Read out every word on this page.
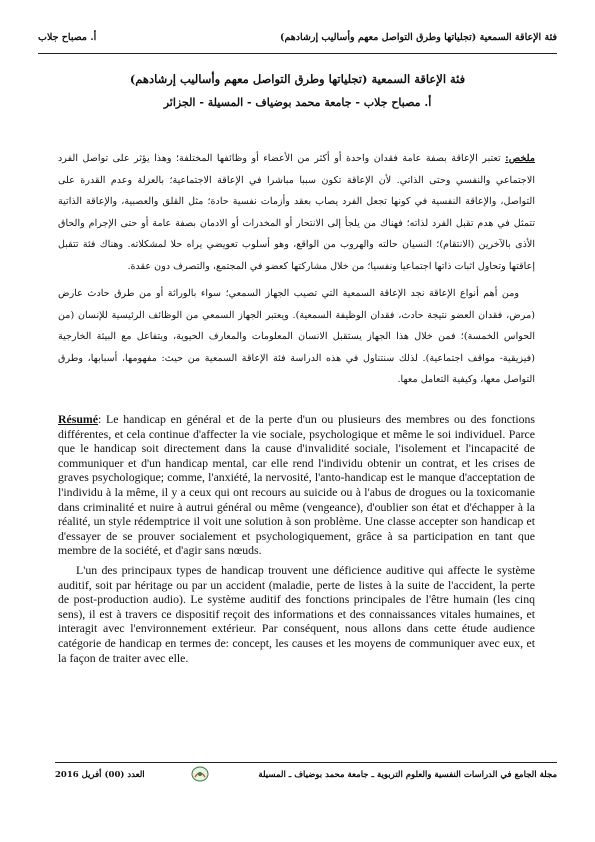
فئة الإعاقة السمعية (تجلياتها وطرق التواصل معهم وأساليب إرشادهم)
أ. مصباح جلاب
فئة الإعاقة السمعية (تجلياتها وطرق التواصل معهم وأساليب إرشادهم)
أ. مصباح جلاب - جامعة محمد بوضياف - المسيلة - الجزائر

ملخص: تعتبر الإعاقة بصفة عامة فقدان واحدة أو أكثر من الأعضاء أو وظائفها المختلفة؛ وهذا يؤثر على تواصل الفرد الاجتماعي والنفسي وحتى الذاتي. لأن الإعاقة تكون سببا مباشرا في الإعاقة الاجتماعية؛ بالعزلة وعدم القدرة على التواصل، والإعاقة النفسية في كونها تجعل الفرد يصاب بعقد وأزمات نفسية حادة؛ مثل القلق والعصبية، والإعاقة الذاتية تتمثل في هدم تقبل الفرد لذاته؛ فهناك من يلجأ إلى الانتحار أو المخدرات أو الادمان بصفة عامة أو حتى الإجرام والحاق الأذى بالآخرين (الانتقام)؛ النسيان حالته والهروب من الواقع، وهو أسلوب تعويضي يراه حلا لمشكلاته. وهناك فئة تتقبل إعاقتها وتحاول اثبات ذاتها اجتماعيا ونفسيا؛ من خلال مشاركتها كعضو في المجتمع، والتصرف دون عقدة.

ومن أهم أنواع الإعاقة نجد الإعاقة السمعية التي تصيب الجهاز السمعي؛ سواء بالوراثة أو من طرق حادث عارض (مرض، فقدان العضو نتيجة حادث، فقدان الوظيفة السمعية). ويعتبر الجهاز السمعي من الوظائف الرئيسية للإنسان (من الحواس الخمسة)؛ فمن خلال هذا الجهاز يستقبل الانسان المعلومات والمعارف الحيوية، ويتفاعل مع البيئة الخارجية (فيزيقية- مواقف اجتماعية). لذلك سنتناول في هذه الدراسة فئة الإعاقة السمعية من حيث: مفهومها، أسبابها، وطرق التواصل معها، وكيفية التعامل معها.

Résumé: Le handicap en général et de la perte d'un ou plusieurs des membres ou des fonctions différentes, et cela continue d'affecter la vie sociale, psychologique et même le soi individuel. Parce que le handicap soit directement dans la cause d'invalidité sociale, l'isolement et l'incapacité de communiquer et d'un handicap mental, car elle rend l'individu obtenir un contrat, et les crises de graves psychologique; comme, l'anxiété, la nervosité, l'anto-handicap est le manque d'acceptation de l'individu à la même, il y a ceux qui ont recours au suicide ou à l'abus de drogues ou la toxicomanie dans criminalité et nuire à autrui général ou même (vengeance), d'oublier son état et d'échapper à la réalité, un style rédemptrice il voit une solution à son problème. Une classe accepter son handicap et d'essayer de se prouver socialement et psychologiquement, grâce à sa participation en tant que membre de la société, et d'agir sans nœuds.

L'un des principaux types de handicap trouvent une déficience auditive qui affecte le système auditif, soit par héritage ou par un accident (maladie, perte de listes à la suite de l'accident, la perte de post-production audio). Le système auditif des fonctions principales de l'être humain (les cinq sens), il est à travers ce dispositif reçoit des informations et des connaissances vitales humaines, et interagit avec l'environnement extérieur. Par conséquent, nous allons dans cette étude audience catégorie de handicap en termes de: concept, les causes et les moyens de communiquer avec eux, et la façon de traiter avec elle.

مجلة الجامع في الدراسات النفسية والعلوم التربوية ـ جامعة محمد بوضياف ـ المسيلة
العدد (00) أفريل 2016
